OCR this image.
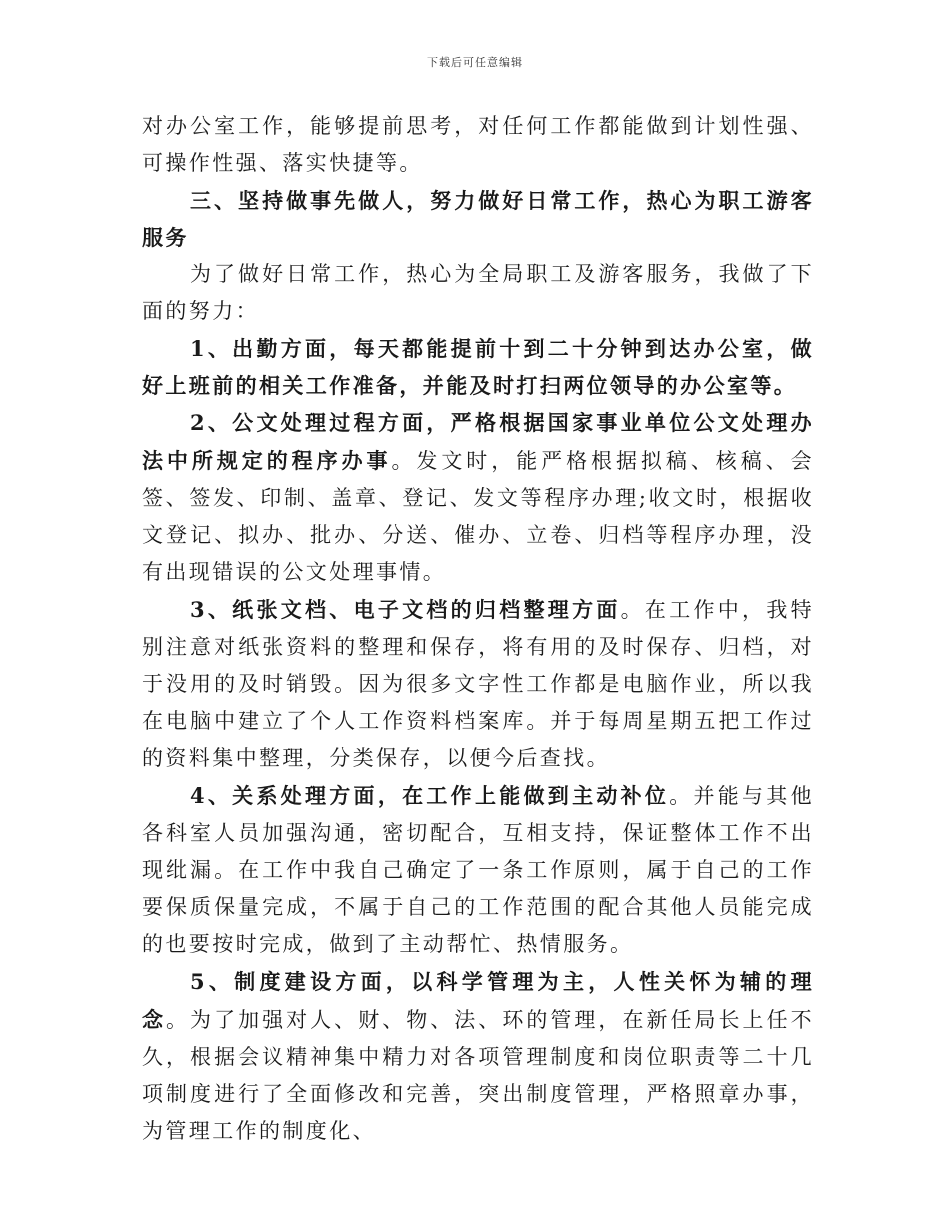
下载后可任意编辑

对办公室工作，能够提前思考，对任何工作都能做到计划性强、可操作性强、落实快捷等。

三、坚持做事先做人，努力做好日常工作，热心为职工游客服务

为了做好日常工作，热心为全局职工及游客服务，我做了下面的努力：

1、出勤方面，每天都能提前十到二十分钟到达办公室，做好上班前的相关工作准备，并能及时打扫两位领导的办公室等。

2、公文处理过程方面，严格根据国家事业单位公文处理办法中所规定的程序办事。发文时，能严格根据拟稿、核稿、会签、签发、印制、盖章、登记、发文等程序办理;收文时，根据收文登记、拟办、批办、分送、催办、立卷、归档等程序办理，没有出现错误的公文处理事情。

3、纸张文档、电子文档的归档整理方面。在工作中，我特别注意对纸张资料的整理和保存，将有用的及时保存、归档，对于没用的及时销毁。因为很多文字性工作都是电脑作业，所以我在电脑中建立了个人工作资料档案库。并于每周星期五把工作过的资料集中整理，分类保存，以便今后查找。

4、关系处理方面，在工作上能做到主动补位。并能与其他各科室人员加强沟通，密切配合，互相支持，保证整体工作不出现纰漏。在工作中我自己确定了一条工作原则，属于自己的工作要保质保量完成，不属于自己的工作范围的配合其他人员能完成的也要按时完成，做到了主动帮忙、热情服务。

5、制度建设方面，以科学管理为主，人性关怀为辅的理念。为了加强对人、财、物、法、环的管理，在新任局长上任不久，根据会议精神集中精力对各项管理制度和岗位职责等二十几项制度进行了全面修改和完善，突出制度管理，严格照章办事，为管理工作的制度化、
